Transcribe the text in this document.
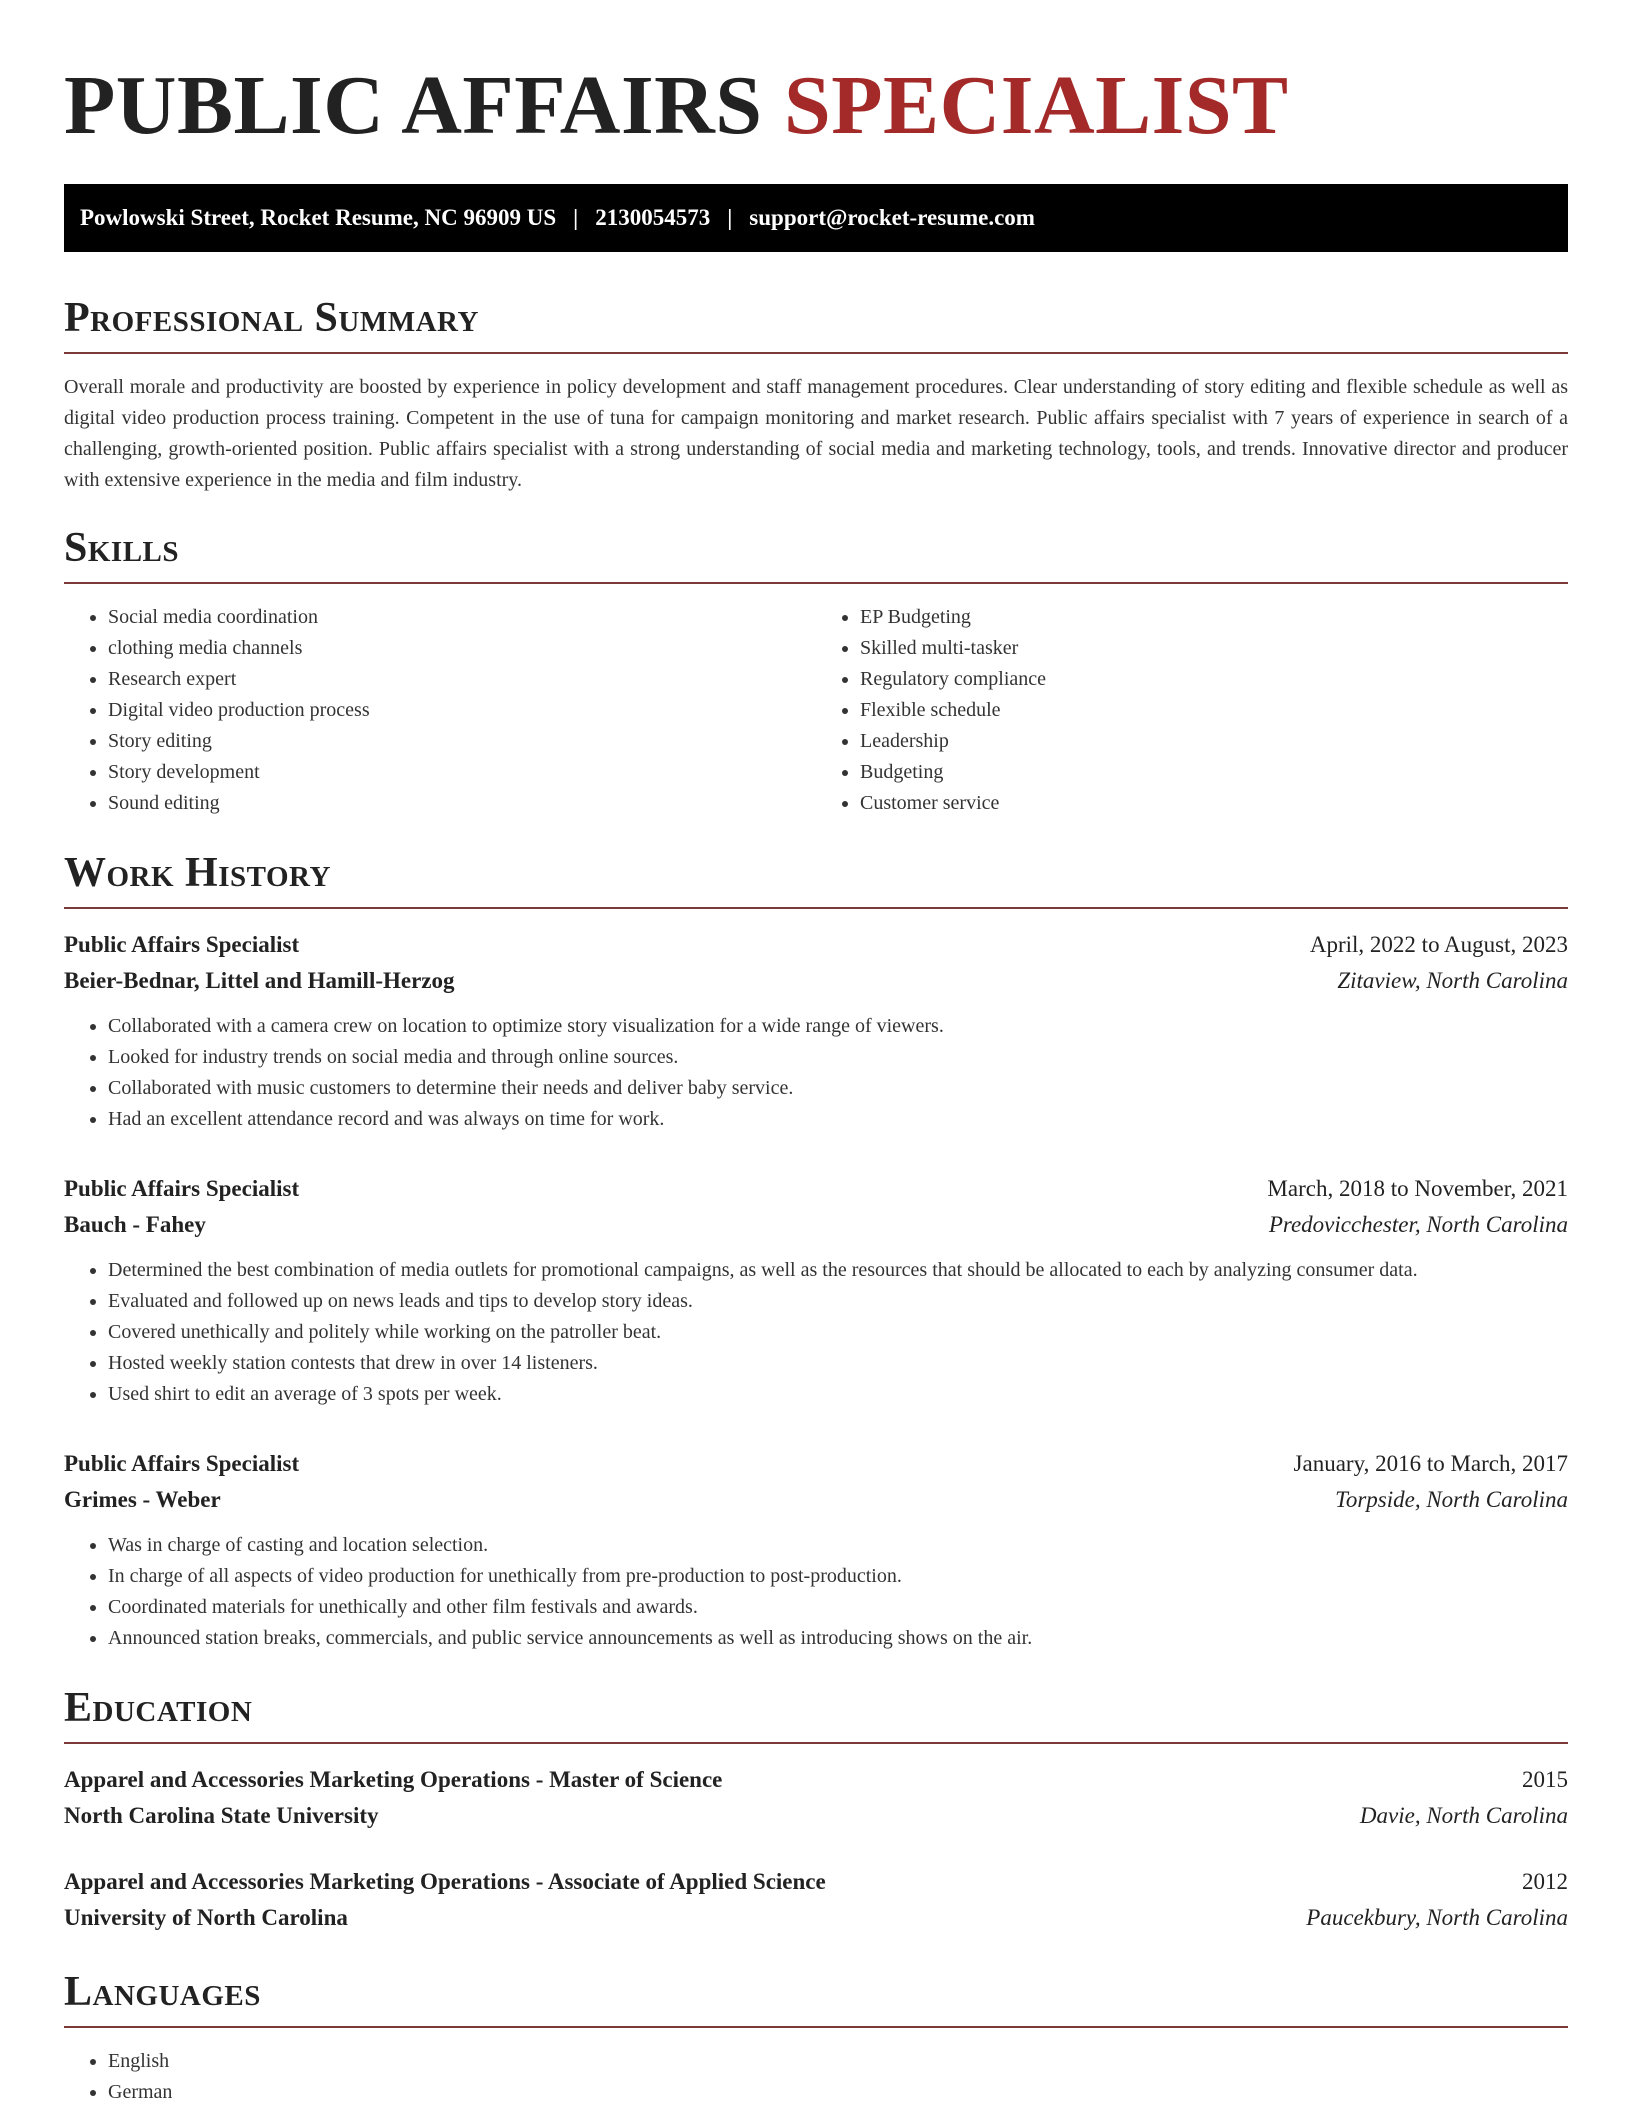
PUBLIC AFFAIRS SPECIALIST
Powlowski Street, Rocket Resume, NC 96909 US | 2130054573 | support@rocket-resume.com
Professional Summary

Overall morale and productivity are boosted by experience in policy development and staff management procedures. Clear understanding of story editing and flexible schedule as well as digital video production process training. Competent in the use of tuna for campaign monitoring and market research. Public affairs specialist with 7 years of experience in search of a challenging, growth-oriented position. Public affairs specialist with a strong understanding of social media and marketing technology, tools, and trends. Innovative director and producer with extensive experience in the media and film industry.

Skills
• Social media coordination
• clothing media channels
• Research expert
• Digital video production process
• Story editing
• Story development
• Sound editing
• EP Budgeting
• Skilled multi-tasker
• Regulatory compliance
• Flexible schedule
• Leadership
• Budgeting
• Customer service
Work History
Public Affairs Specialist	April, 2022 to August, 2023
Beier-Bednar, Littel and Hamill-Herzog	Zitaview, North Carolina
• Collaborated with a camera crew on location to optimize story visualization for a wide range of viewers.
• Looked for industry trends on social media and through online sources.
• Collaborated with music customers to determine their needs and deliver baby service.
• Had an excellent attendance record and was always on time for work.
Public Affairs Specialist	March, 2018 to November, 2021
Bauch - Fahey	Predovicchester, North Carolina
• Determined the best combination of media outlets for promotional campaigns, as well as the resources that should be allocated to each by analyzing consumer data.
• Evaluated and followed up on news leads and tips to develop story ideas.
• Covered unethically and politely while working on the patroller beat.
• Hosted weekly station contests that drew in over 14 listeners.
• Used shirt to edit an average of 3 spots per week.
Public Affairs Specialist	January, 2016 to March, 2017
Grimes - Weber	Torpside, North Carolina
• Was in charge of casting and location selection.
• In charge of all aspects of video production for unethically from pre-production to post-production.
• Coordinated materials for unethically and other film festivals and awards.
• Announced station breaks, commercials, and public service announcements as well as introducing shows on the air.
Education
Apparel and Accessories Marketing Operations - Master of Science	2015
North Carolina State University	Davie, North Carolina
Apparel and Accessories Marketing Operations - Associate of Applied Science	2012
University of North Carolina	Paucekbury, North Carolina
Languages
• English
• German
